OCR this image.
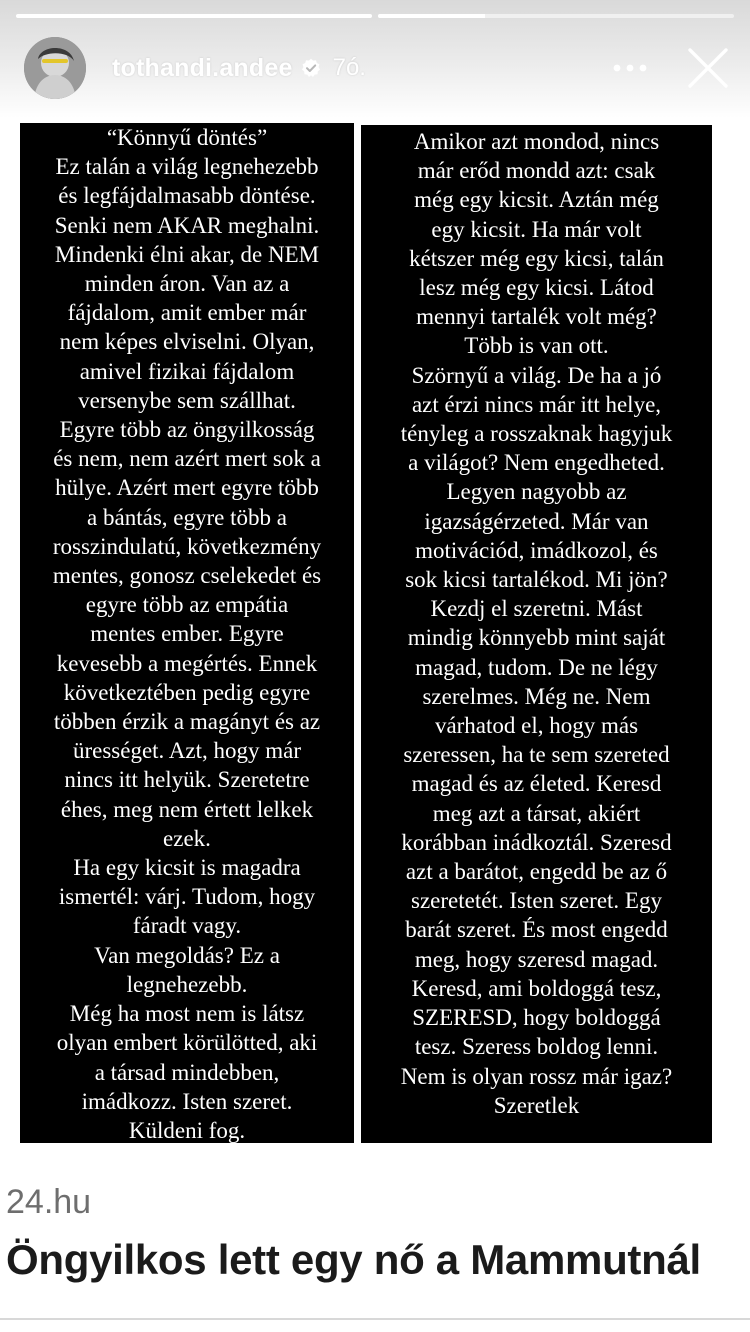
“Könnyű döntés”
Ez talán a világ legnehezebb
és legfájdalmasabb döntése.
Senki nem AKAR meghalni.
Mindenki élni akar, de NEM
minden áron. Van az a
fájdalom, amit ember már
nem képes elviselni. Olyan,
amivel fizikai fájdalom
versenybe sem szállhat.
Egyre több az öngyilkosság
és nem, nem azért mert sok a
hülye. Azért mert egyre több
a bántás, egyre több a
rosszindulatú, következmény
mentes, gonosz cselekedet és
egyre több az empátia
mentes ember. Egyre
kevesebb a megértés. Ennek
következtében pedig egyre
többen érzik a magányt és az
ürességet. Azt, hogy már
nincs itt helyük. Szeretetre
éhes, meg nem értett lelkek
ezek.
Ha egy kicsit is magadra
ismertél: várj. Tudom, hogy
fáradt vagy.
Van megoldás? Ez a
legnehezebb.
Még ha most nem is látsz
olyan embert körülötted, aki
a társad mindebben,
imádkozz. Isten szeret.
Küldeni fog.
Amikor azt mondod, nincs
már erőd mondd azt: csak
még egy kicsit. Aztán még
egy kicsit. Ha már volt
kétszer még egy kicsi, talán
lesz még egy kicsi. Látod
mennyi tartalék volt még?
Több is van ott.
Szörnyű a világ. De ha a jó
azt érzi nincs már itt helye,
tényleg a rosszaknak hagyjuk
a világot? Nem engedheted.
Legyen nagyobb az
igazságérzeted. Már van
motivációd, imádkozol, és
sok kicsi tartalékod. Mi jön?
Kezdj el szeretni. Mást
mindig könnyebb mint saját
magad, tudom. De ne légy
szerelmes. Még ne. Nem
várhatod el, hogy más
szeressen, ha te sem szereted
magad és az életed. Keresd
meg azt a társat, akiért
korábban inádkoztál. Szeresd
azt a barátot, engedd be az ő
szeretetét. Isten szeret. Egy
barát szeret. És most engedd
meg, hogy szeresd magad.
Keresd, ami boldoggá tesz,
SZERESD, hogy boldoggá
tesz. Szeress boldog lenni.
Nem is olyan rossz már igaz?
Szeretlek
24.hu
Öngyilkos lett egy nő a Mammutnál
tothandi.andee 7ó.
